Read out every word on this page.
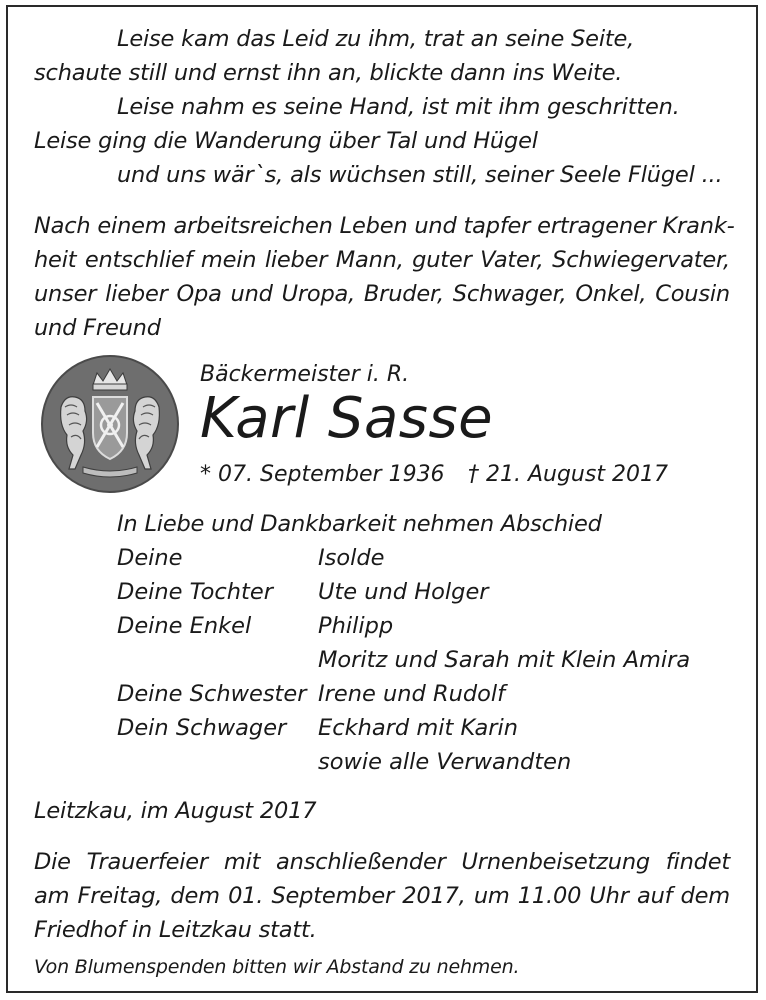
Leise kam das Leid zu ihm, trat an seine Seite,
schaute still und ernst ihn an, blickte dann ins Weite.
Leise nahm es seine Hand, ist mit ihm geschritten.
Leise ging die Wanderung über Tal und Hügel
und uns wär`s, als wüchsen still, seiner Seele Flügel ...
Nach einem arbeitsreichen Leben und tapfer ertragener Krank-
heit entschlief mein lieber Mann, guter Vater, Schwiegervater,
unser lieber Opa und Uropa, Bruder, Schwager, Onkel, Cousin
und Freund
Bäckermeister i. R.
Karl Sasse
* 07. September 1936 † 21. August 2017
In Liebe und Dankbarkeit nehmen Abschied
Deine	Isolde
Deine Tochter Ute und Holger
Deine Enkel	Philipp
Moritz und Sarah mit Klein Amira
Deine Schwester Irene und Rudolf
Dein Schwager Eckhard mit Karin
sowie alle Verwandten
Leitzkau, im August 2017
Die Trauerfeier mit anschließender Urnenbeisetzung findet
am Freitag, dem 01. September 2017, um 11.00 Uhr auf dem
Friedhof in Leitzkau statt.
Von Blumenspenden bitten wir Abstand zu nehmen.
